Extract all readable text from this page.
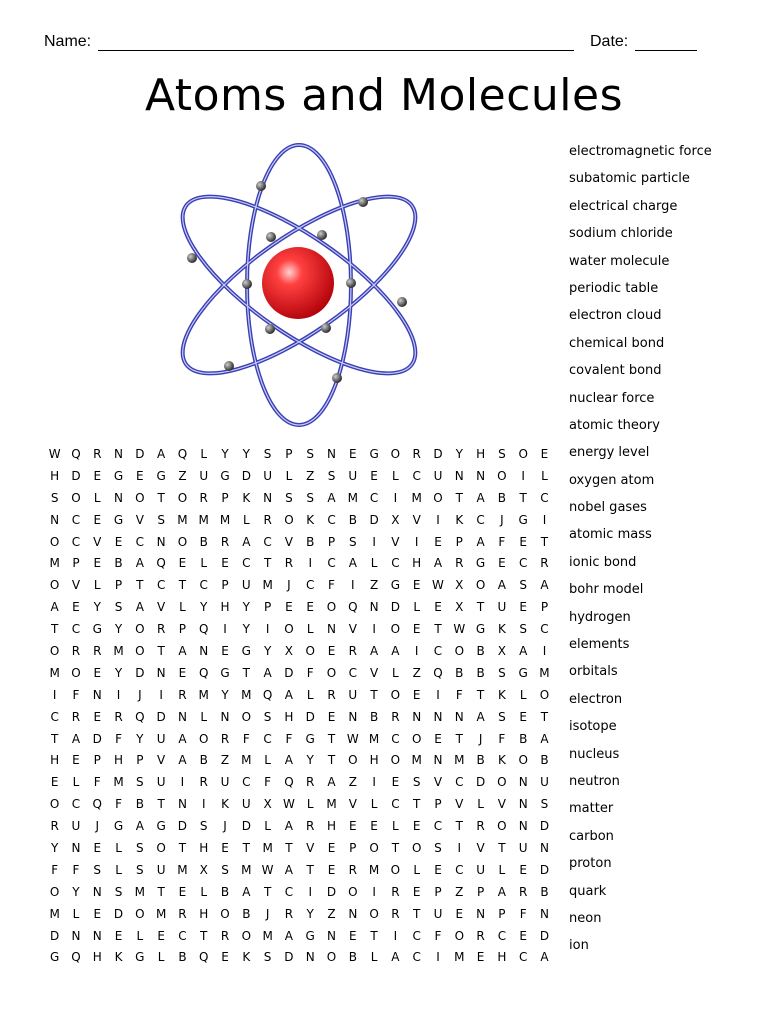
Name:	Date:
Atoms and Molecules
W Q	R	N	D	A	Q	L	Y	Y	S	P	S	N	E	G O	R	D	Y	H	S	O	E
H	D	E	G	E	G	Z	U	G	D	U	L	Z	S	U	E	L	C	U	N	N	O	I	L
S	O	L	N	O	T	O	R	P	K	N	S	S	A	M C	I	M O	T	A	B	T	C
N	C	E	G	V	S	M M M	L	R	O	K	C	B	D	X	V	I	K	C	J	G	I
O	C	V	E	C	N	O	B	R	A	C	V	B	P	S	I	V	I	E	P	A	F	E	T
M	P	E	B	A	Q	E	L	E	C	T	R	I	C	A	L	C	H	A	R	G	E	C	R
O	V	L	P	T	C	T	C	P	U M	J	C	F	I	Z	G	E W X	O	A	S	A
A	E	Y	S	A	V	L	Y	H	Y	P	E	E	O Q	N	D	L	E	X	T	U	E	P
T	C	G	Y	O	R	P	Q	I	Y	I	O	L	N	V	I	O	E	T W G	K	S	C
O	R	R M O	T	A	N	E	G	Y	X	O	E	R	A	A	I	C	O	B	X	A	I
M O	E	Y	D	N	E	Q G	T	A	D	F	O	C	V	L	Z	Q	B	B	S	G M
I	F	N	I	J	I	R M	Y	M Q	A	L	R	U	T	O	E	I	F	T	K	L	O
C	R	E	R	Q D	N	L	N	O	S	H	D	E	N	B	R	N	N	N	A	S	E	T
T	A	D	F	Y	U	A	O	R	F	C	F	G	T W M C	O	E	T	J	F	B	A
H	E	P	H	P	V	A	B	Z	M	L	A	Y	T	O	H	O M N M	B	K	O	B
E	L	F	M	S	U	I	R	U	C	F	Q	R	A	Z	I	E	S	V	C	D O	N	U
O	C	Q	F	B	T	N	I	K	U	X W	L	M	V	L	C	T	P	V	L	V	N	S
R	U	J	G	A	G	D	S	J	D	L	A	R	H	E	E	L	E	C	T	R	O	N	D
Y	N	E	L	S	O	T	H	E	T	M	T	V	E	P	O	T	O	S	I	V	T	U	N
F	F	S	L	S	U M	X	S	M W A	T	E	R M O	L	E	C	U	L	E	D
O	Y	N	S	M	T	E	L	B	A	T	C	I	D O	I	R	E	P	Z	P	A	R	B
M	L	E	D O M R	H	O	B	J	R	Y	Z	N	O	R	T	U	E	N	P	F	N
D	N	N	E	L	E	C	T	R	O M	A	G	N	E	T	I	C	F	O	R	C	E	D
G Q	H	K	G	L	B	Q	E	K	S	D	N	O	B	L	A	C	I	M	E	H	C	A
electromagnetic force
subatomic particle
electrical charge
sodium chloride
water molecule
periodic table
electron cloud
chemical bond
covalent bond
nuclear force
atomic theory
energy level
oxygen atom
nobel gases
atomic mass
ionic bond
bohr model
hydrogen
elements
orbitals
electron
isotope
nucleus
neutron
matter
carbon
proton
quark
neon
ion
